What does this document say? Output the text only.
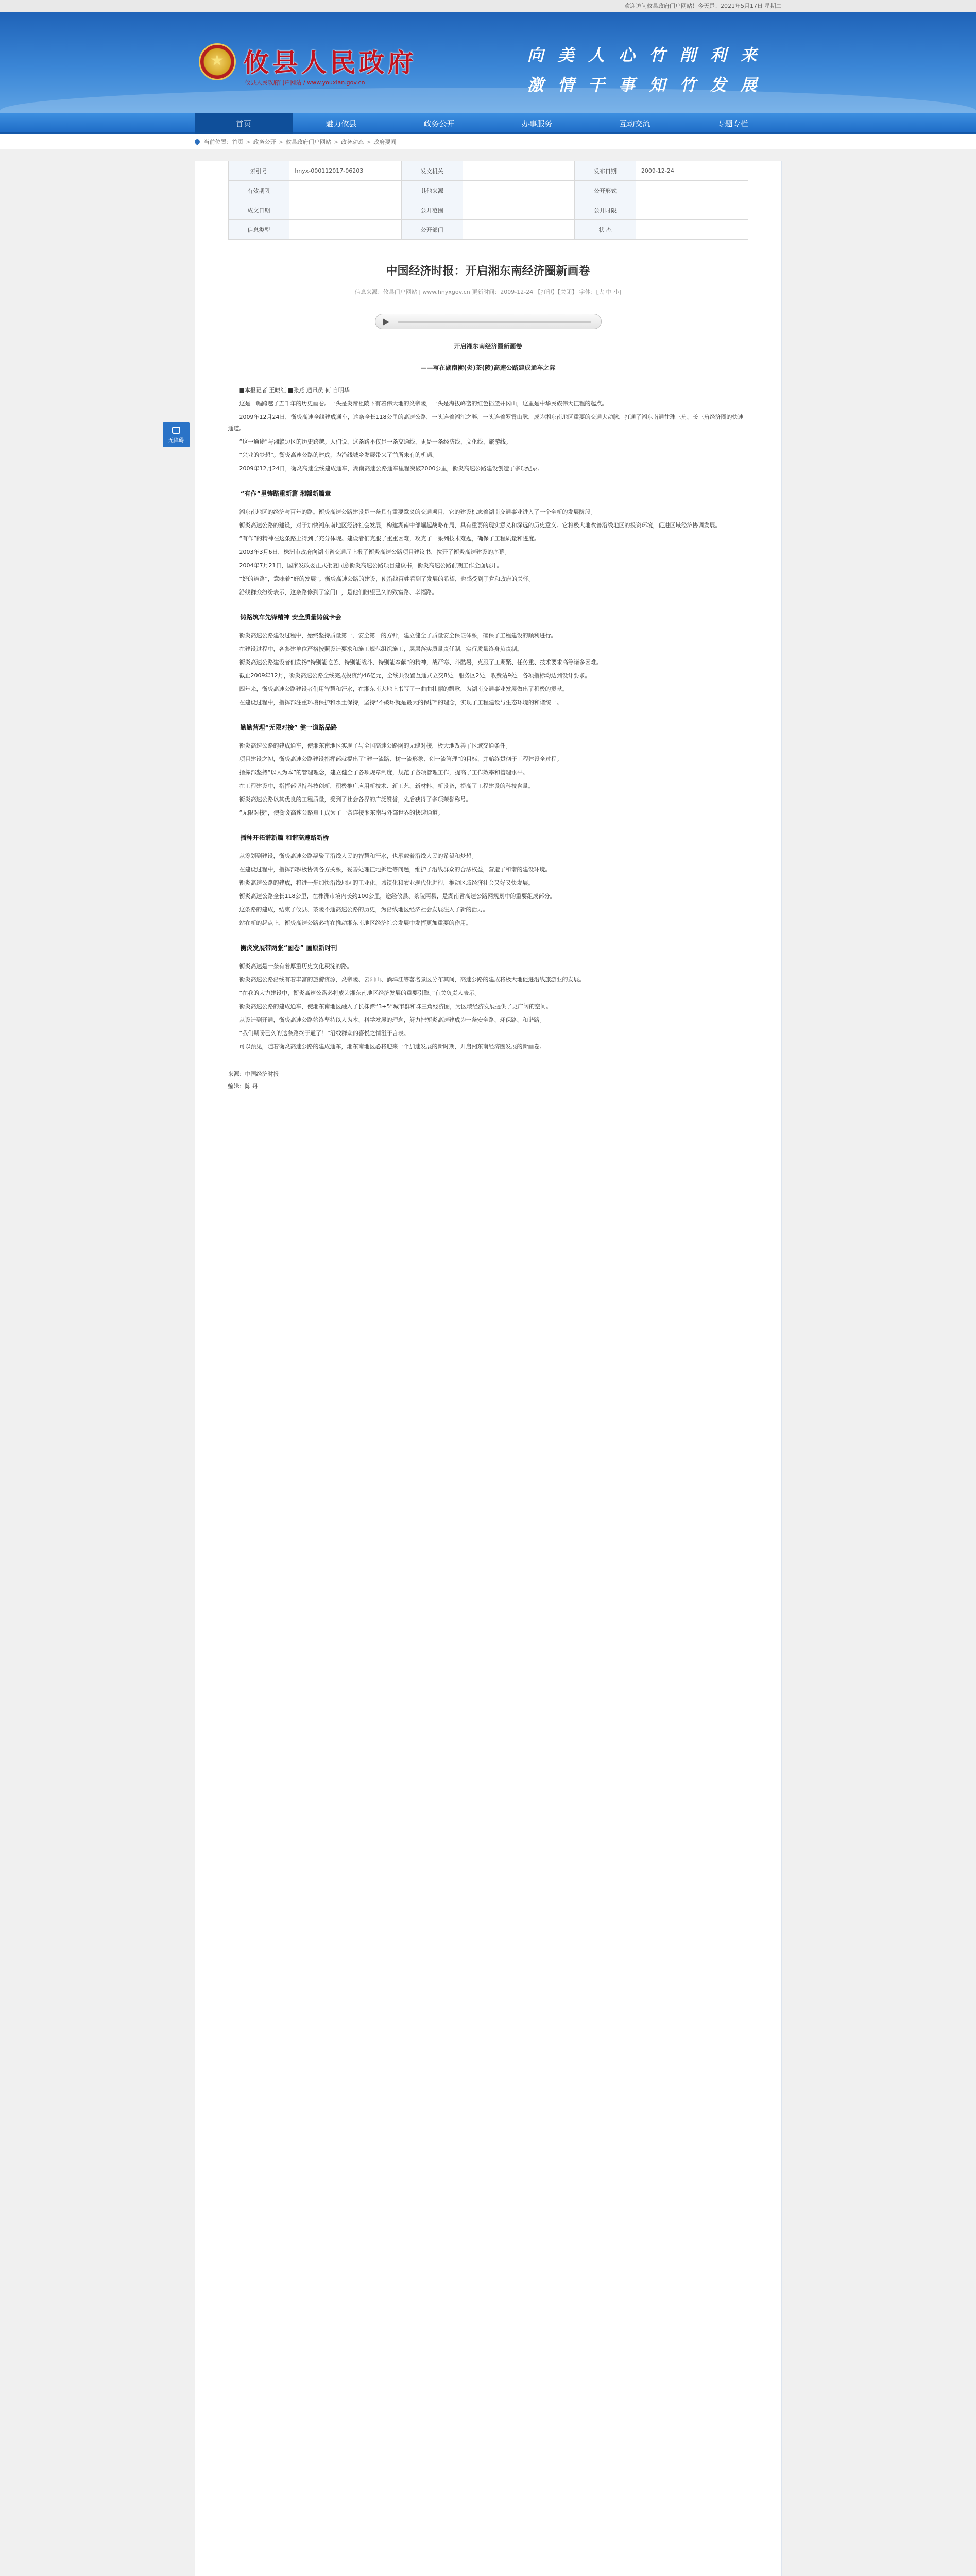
欢迎访问攸县政府门户网站！今天是：2021年5月17日 星期二
★ 攸县人民政府
攸县人民政府门户网站 / www.youxian.gov.cn
向 美 人 心 竹 削 利 来
激 情 干 事 知 竹 发 展
首页	魅力攸县	政务公开	办事服务	互动交流	专题专栏
当前位置： 首页 > 政务公开 > 攸县政府门户网站 > 政务动态 > 政府要闻
无障碍
索引号	hnyx-000112017-06203	发文机关		发布日期	2009-12-24
有效期限		其他来源		公开形式	
成文日期		公开范围		公开时限	
信息类型		公开部门		状 态	
中国经济时报：开启湘东南经济圈新画卷
信息来源：攸县门户网站 | www.hnyxgov.cn 更新时间：2009-12-24 【打印】【关闭】 字体：[大 中 小]
开启湘东南经济圈新画卷
——写在湖南衡(炎)茶(陵)高速公路建成通车之际

■本报记者 王晓红 ■张燕 通讯员 何 自明华

这是一幅跨越了五千年的历史画卷。一头是炎帝祖陵下有着伟大地的炎帝陵，一头是海拔峰峦的红色摇篮井冈山，这里是中华民族伟大征程的起点。

2009年12月24日，衡炎高速全线建成通车，这条全长118公里的高速公路，一头连着湘江之畔，一头连着罗霄山脉，成为湘东南地区重要的交通大动脉，打通了湘东南通往珠三角、长三角经济圈的快速通道。

“这一通途”与湘赣边区的历史跨越。人们说，这条路不仅是一条交通线，更是一条经济线、文化线、旅游线。

“兴业的梦想”。衡炎高速公路的建成，为沿线城乡发展带来了前所未有的机遇。

2009年12月24日，衡炎高速全线建成通车，湖南高速公路通车里程突破2000公里，衡炎高速公路建设创造了多项纪录。

“有作”里铸路重新篇 湘赣新篇章

湘东南地区的经济与百年的路。衡炎高速公路建设是一条具有重要意义的交通项目，它的建设标志着湖南交通事业进入了一个全新的发展阶段。

衡炎高速公路的建设，对于加快湘东南地区经济社会发展，构建湖南中部崛起战略布局，具有重要的现实意义和深远的历史意义。它将极大地改善沿线地区的投资环境，促进区域经济协调发展。

“有作”的精神在这条路上得到了充分体现。建设者们克服了重重困难，攻克了一系列技术难题，确保了工程质量和进度。

2003年3月6日，株洲市政府向湖南省交通厅上报了衡炎高速公路项目建议书，拉开了衡炎高速建设的序幕。

2004年7月21日，国家发改委正式批复同意衡炎高速公路项目建议书，衡炎高速公路前期工作全面展开。

“好的道路”，意味着“好的发展”。衡炎高速公路的建设，使沿线百姓看到了发展的希望，也感受到了党和政府的关怀。

沿线群众纷纷表示，这条路修到了家门口，是他们盼望已久的致富路、幸福路。

铸路筑车先锋精神 安全质量铸就卡会

衡炎高速公路建设过程中，始终坚持质量第一、安全第一的方针，建立健全了质量安全保证体系，确保了工程建设的顺利进行。

在建设过程中，各参建单位严格按照设计要求和施工规范组织施工，层层落实质量责任制，实行质量终身负责制。

衡炎高速公路建设者们发扬“特别能吃苦、特别能战斗、特别能奉献”的精神，战严寒、斗酷暑，克服了工期紧、任务重、技术要求高等诸多困难。

截止2009年12月，衡炎高速公路全线完成投资约46亿元，全线共设置互通式立交8处，服务区2处，收费站9处，各项指标均达到设计要求。

四年来，衡炎高速公路建设者们用智慧和汗水，在湘东南大地上书写了一曲曲壮丽的凯歌，为湖南交通事业发展做出了积极的贡献。

在建设过程中，指挥部注重环境保护和水土保持，坚持“不破坏就是最大的保护”的理念，实现了工程建设与生态环境的和谐统一。

勤勤营理“无限对接” 健一道路品路

衡炎高速公路的建成通车，使湘东南地区实现了与全国高速公路网的无缝对接，极大地改善了区域交通条件。

项目建设之初，衡炎高速公路建设指挥部就提出了“建一流路、树一流形象、创一流管理”的目标，并始终贯彻于工程建设全过程。

指挥部坚持“以人为本”的管理理念，建立健全了各项规章制度，规范了各项管理工作，提高了工作效率和管理水平。

在工程建设中，指挥部坚持科技创新，积极推广应用新技术、新工艺、新材料、新设备，提高了工程建设的科技含量。

衡炎高速公路以其优良的工程质量，受到了社会各界的广泛赞誉，先后获得了多项荣誉称号。

“无限对接”，使衡炎高速公路真正成为了一条连接湘东南与外部世界的快速通道。

播种开拓谱新篇 和谐高速路新桥

从筹划到建设，衡炎高速公路凝聚了沿线人民的智慧和汗水，也承载着沿线人民的希望和梦想。

在建设过程中，指挥部积极协调各方关系，妥善处理征地拆迁等问题，维护了沿线群众的合法权益，营造了和谐的建设环境。

衡炎高速公路的建成，将进一步加快沿线地区的工业化、城镇化和农业现代化进程，推动区域经济社会又好又快发展。

衡炎高速公路全长118公里，在株洲市境内长约100公里，途经攸县、茶陵两县，是湖南省高速公路网规划中的重要组成部分。

这条路的建成，结束了攸县、茶陵不通高速公路的历史，为沿线地区经济社会发展注入了新的活力。

站在新的起点上，衡炎高速公路必将在推动湘东南地区经济社会发展中发挥更加重要的作用。

衡炎发展带两张“画卷” 画原新时刊

衡炎高速是一条有着厚重历史文化积淀的路。

衡炎高速公路沿线有着丰富的旅游资源，炎帝陵、云阳山、酒埠江等著名景区分布其间，高速公路的建成将极大地促进沿线旅游业的发展。

“在我的大力建设中，衡炎高速公路必将成为湘东南地区经济发展的重要引擎。”有关负责人表示。

衡炎高速公路的建成通车，使湘东南地区融入了长株潭“3+5”城市群和珠三角经济圈，为区域经济发展提供了更广阔的空间。

从设计到开通，衡炎高速公路始终坚持以人为本、科学发展的理念，努力把衡炎高速建成为一条安全路、环保路、和谐路。

“我们期盼已久的这条路终于通了！”沿线群众的喜悦之情溢于言表。

可以预见，随着衡炎高速公路的建成通车，湘东南地区必将迎来一个加速发展的新时期，开启湘东南经济圈发展的新画卷。

来源：中国经济时报
编辑：陈 丹
